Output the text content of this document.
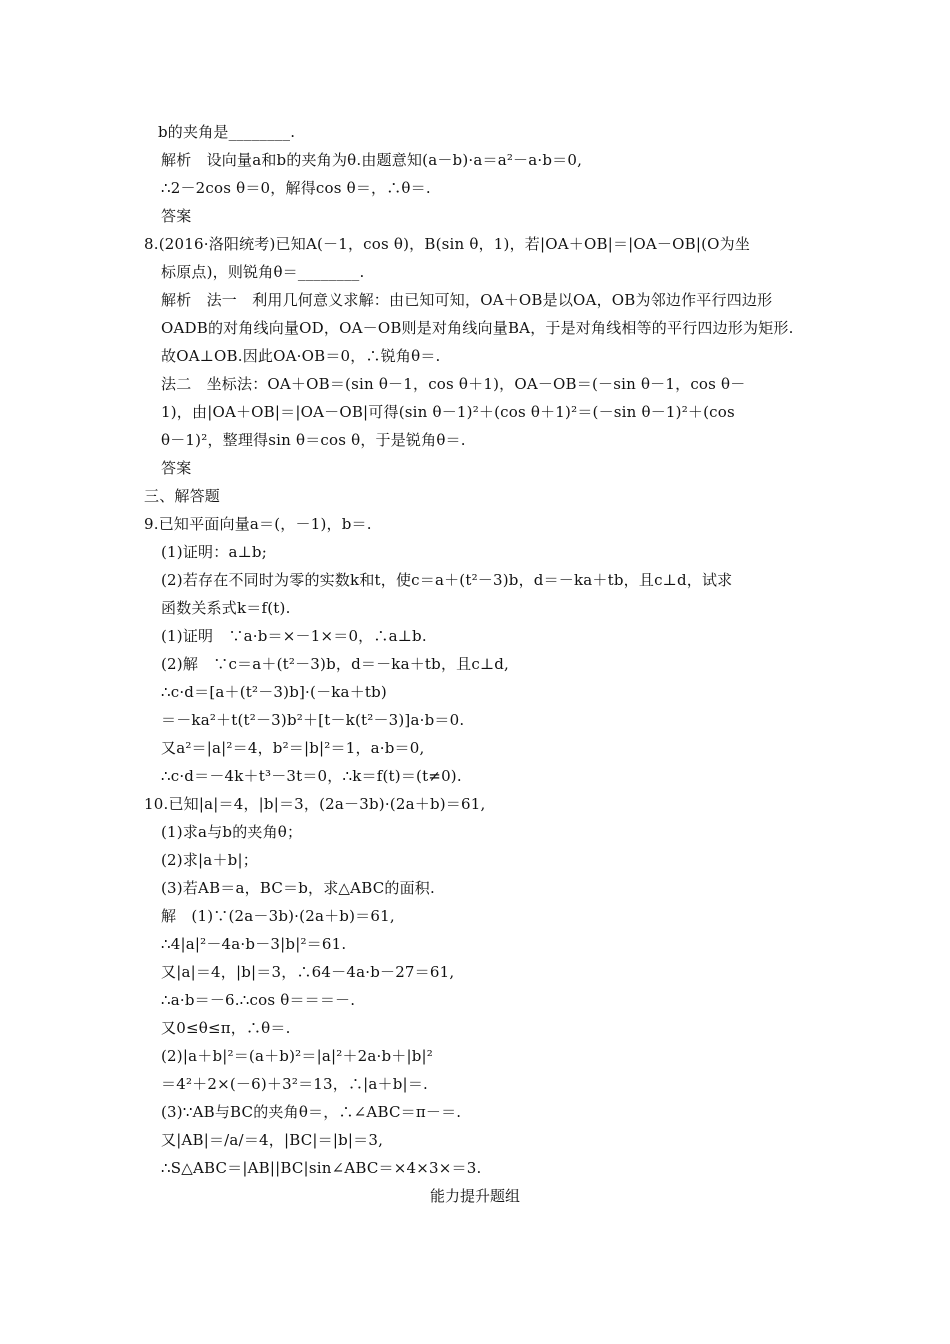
b的夹角是________.
解析　设向量a和b的夹角为θ.由题意知(a－b)·a＝a²－a·b＝0,
∴2－2cos θ＝0，解得cos θ＝，∴θ＝.
答案
8.(2016·洛阳统考)已知A(－1，cos θ)，B(sin θ，1)，若|OA＋OB|＝|OA－OB|(O为坐
标原点)，则锐角θ＝________.
解析　法一　利用几何意义求解：由已知可知，OA＋OB是以OA，OB为邻边作平行四边形
OADB的对角线向量OD，OA－OB则是对角线向量BA，于是对角线相等的平行四边形为矩形.
故OA⊥OB.因此OA·OB＝0，∴锐角θ＝.
法二　坐标法：OA＋OB＝(sin θ－1，cos θ＋1)，OA－OB＝(－sin θ－1，cos θ－
1)，由|OA＋OB|＝|OA－OB|可得(sin θ－1)²＋(cos θ＋1)²＝(－sin θ－1)²＋(cos
θ－1)²，整理得sin θ＝cos θ，于是锐角θ＝.
答案
三、解答题
9.已知平面向量a＝(，－1)，b＝.
(1)证明：a⊥b;
(2)若存在不同时为零的实数k和t，使c＝a＋(t²－3)b，d＝－ka＋tb，且c⊥d，试求
函数关系式k＝f(t).
(1)证明　∵a·b＝×－1×＝0，∴a⊥b.
(2)解　∵c＝a＋(t²－3)b，d＝－ka＋tb，且c⊥d,
∴c·d＝[a＋(t²－3)b]·(－ka＋tb)
＝－ka²＋t(t²－3)b²＋[t－k(t²－3)]a·b＝0.
又a²＝|a|²＝4，b²＝|b|²＝1，a·b＝0,
∴c·d＝－4k＋t³－3t＝0，∴k＝f(t)＝(t≠0).
10.已知|a|＝4，|b|＝3，(2a－3b)·(2a＋b)＝61,
(1)求a与b的夹角θ；
(2)求|a＋b|；
(3)若AB＝a，BC＝b，求△ABC的面积.
解　(1)∵(2a－3b)·(2a＋b)＝61,
∴4|a|²－4a·b－3|b|²＝61.
又|a|＝4，|b|＝3，∴64－4a·b－27＝61,
∴a·b＝－6.∴cos θ＝＝＝－.
又0≤θ≤π，∴θ＝.
(2)|a＋b|²＝(a＋b)²＝|a|²＋2a·b＋|b|²
＝4²＋2×(－6)＋3²＝13，∴|a＋b|＝.
(3)∵AB与BC的夹角θ＝，∴∠ABC＝π－＝.
又|AB|＝/a/＝4，|BC|＝|b|＝3,
∴S△ABC＝|AB||BC|sin∠ABC＝×4×3×＝3.
能力提升题组
